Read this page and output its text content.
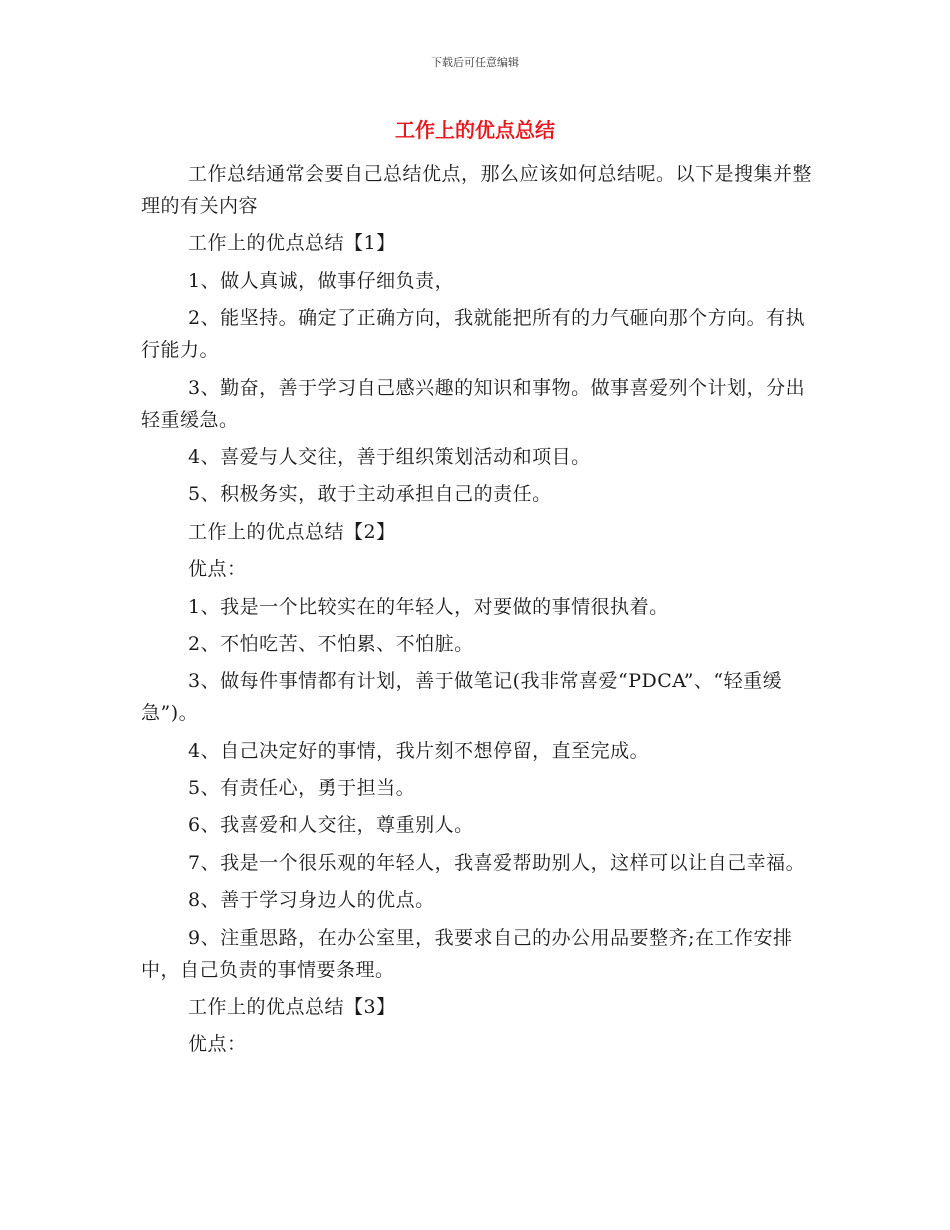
下载后可任意编辑
工作上的优点总结

工作总结通常会要自己总结优点，那么应该如何总结呢。以下是搜集并整理的有关内容

工作上的优点总结【1】

1、做人真诚，做事仔细负责，

2、能坚持。确定了正确方向，我就能把所有的力气砸向那个方向。有执行能力。

3、勤奋，善于学习自己感兴趣的知识和事物。做事喜爱列个计划，分出轻重缓急。

4、喜爱与人交往，善于组织策划活动和项目。

5、积极务实，敢于主动承担自己的责任。

工作上的优点总结【2】

优点：

1、我是一个比较实在的年轻人，对要做的事情很执着。

2、不怕吃苦、不怕累、不怕脏。

3、做每件事情都有计划，善于做笔记(我非常喜爱“PDCA”、“轻重缓急”)。

4、自己决定好的事情，我片刻不想停留，直至完成。

5、有责任心，勇于担当。

6、我喜爱和人交往，尊重别人。

7、我是一个很乐观的年轻人，我喜爱帮助别人，这样可以让自己幸福。

8、善于学习身边人的优点。

9、注重思路，在办公室里，我要求自己的办公用品要整齐;在工作安排中，自己负责的事情要条理。

工作上的优点总结【3】

优点：
